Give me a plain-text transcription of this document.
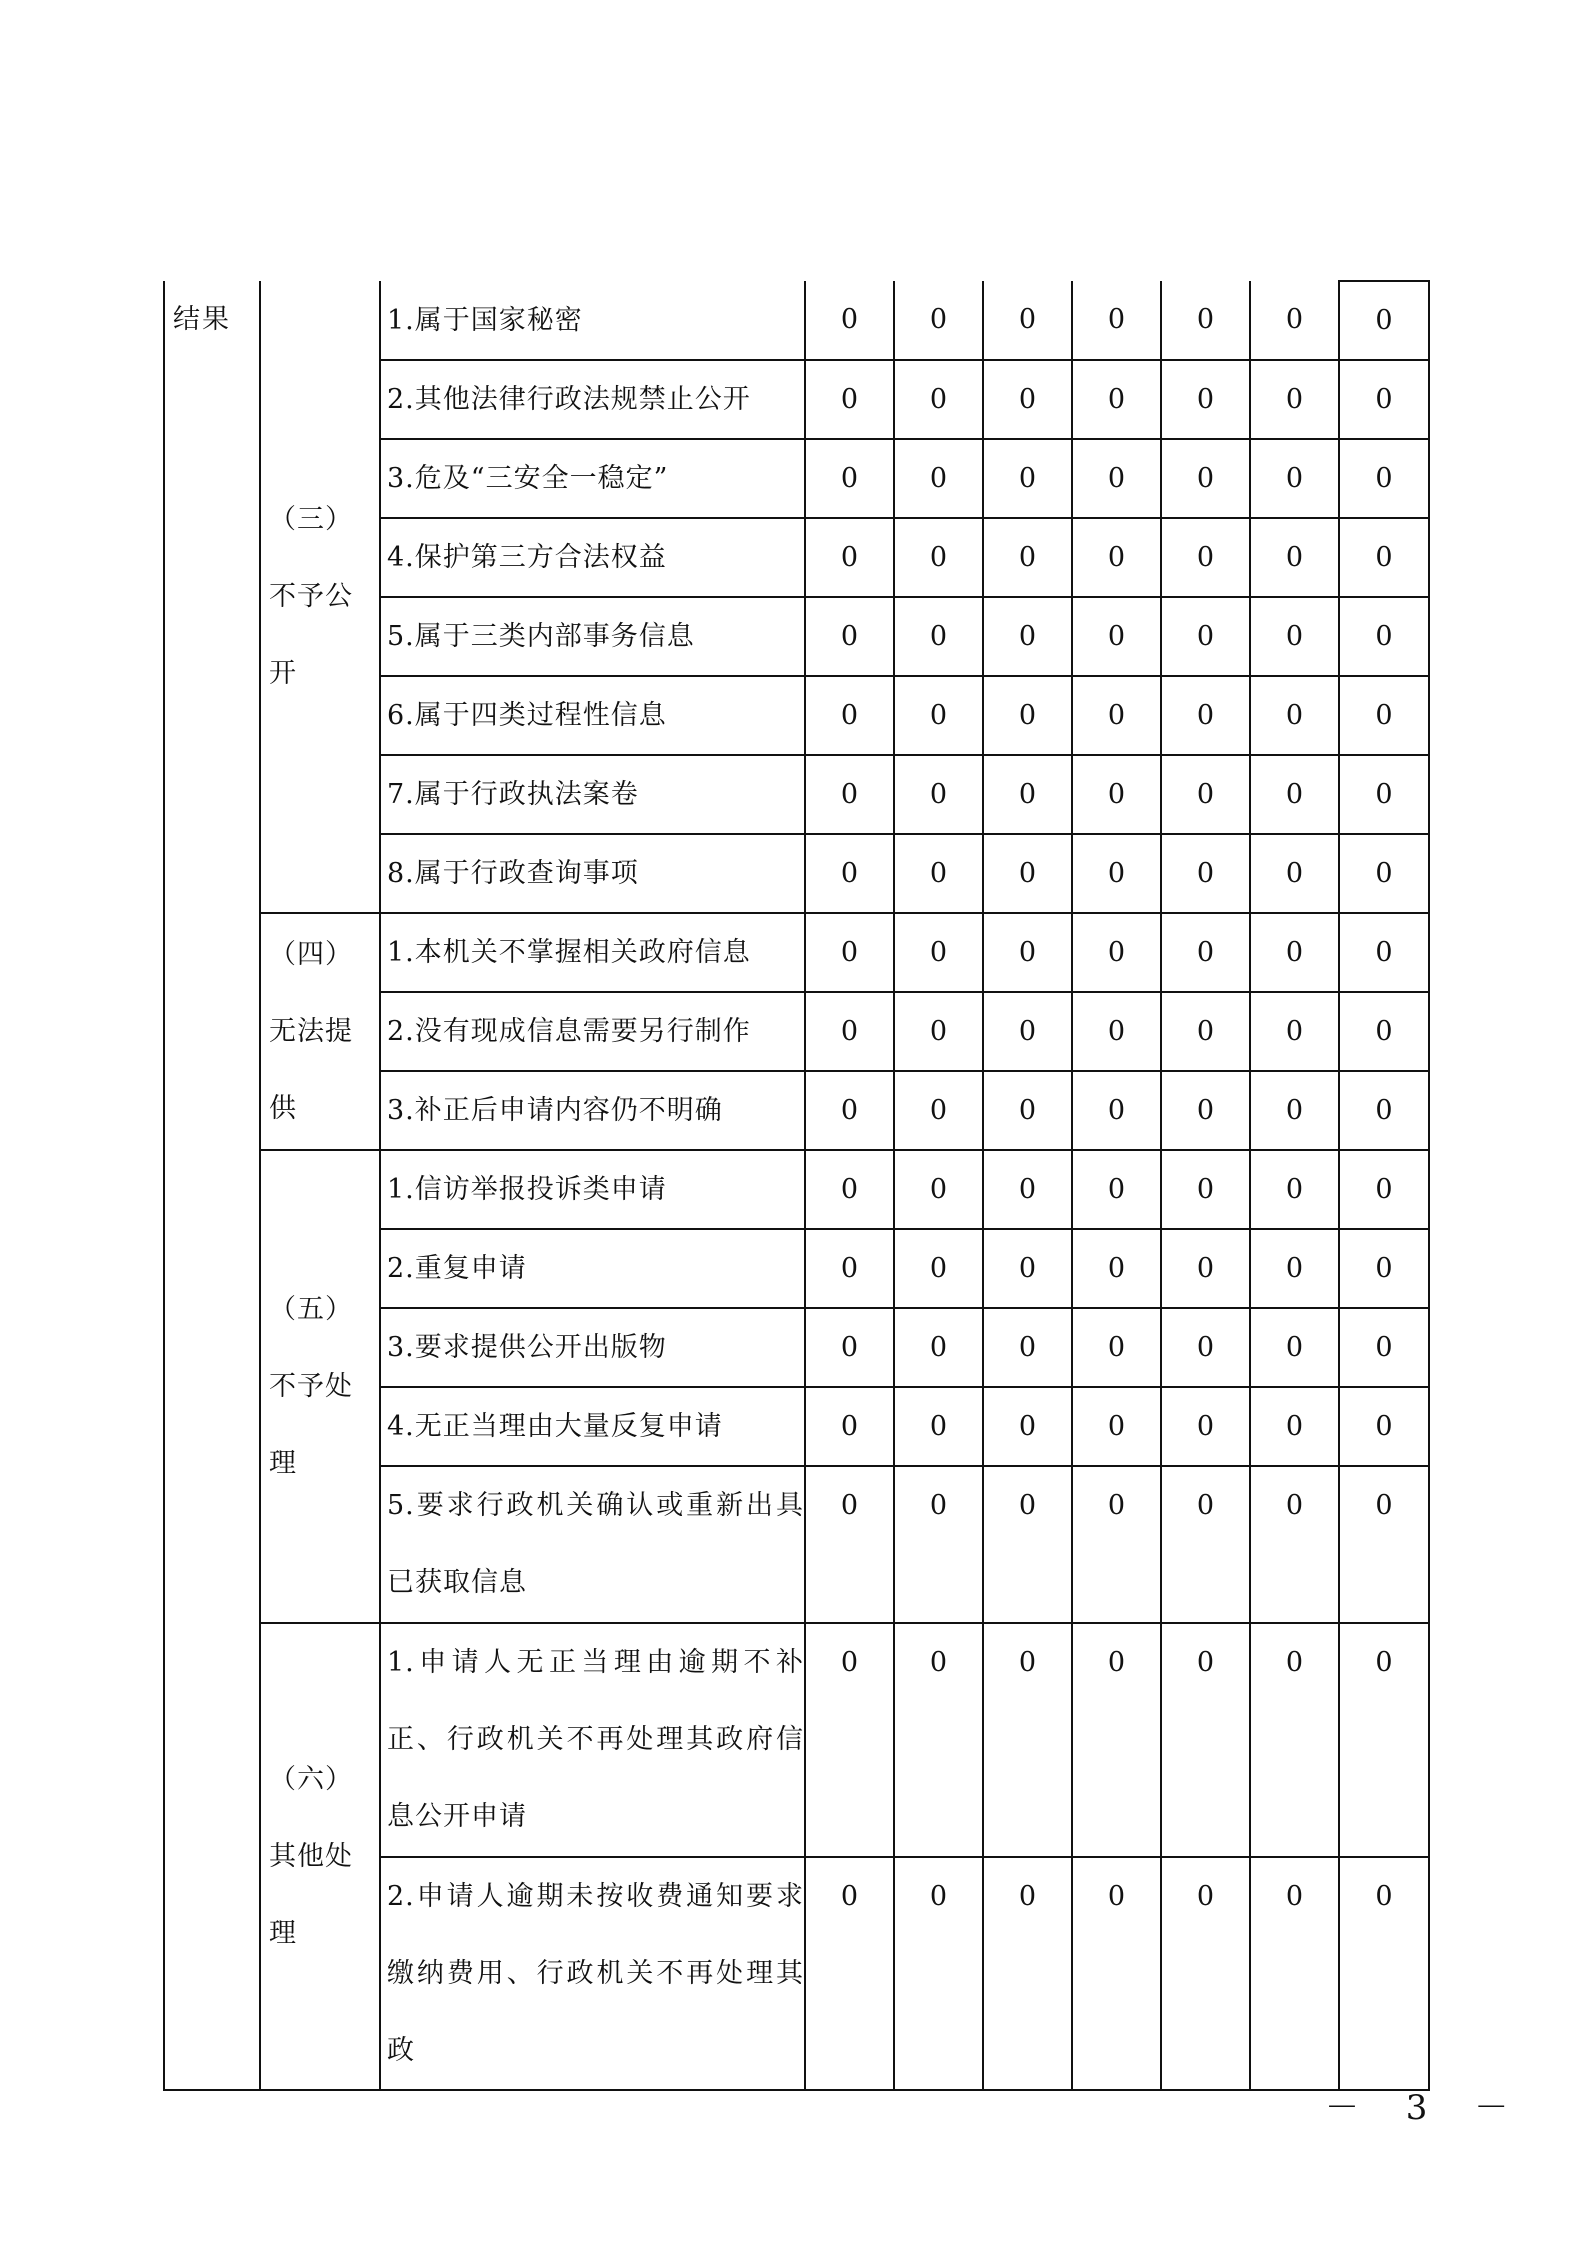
结果	（三）不予公开	1.属于国家秘密	0	0	0	0	0	0	0
		2.其他法律行政法规禁止公开	0	0	0	0	0	0	0
		3.危及“三安全一稳定”	0	0	0	0	0	0	0
		4.保护第三方合法权益	0	0	0	0	0	0	0
		5.属于三类内部事务信息	0	0	0	0	0	0	0
		6.属于四类过程性信息	0	0	0	0	0	0	0
		7.属于行政执法案卷	0	0	0	0	0	0	0
		8.属于行政查询事项	0	0	0	0	0	0	0
	（四）无法提供	1.本机关不掌握相关政府信息	0	0	0	0	0	0	0
		2.没有现成信息需要另行制作	0	0	0	0	0	0	0
		3.补正后申请内容仍不明确	0	0	0	0	0	0	0
	（五）不予处理	1.信访举报投诉类申请	0	0	0	0	0	0	0
		2.重复申请	0	0	0	0	0	0	0
		3.要求提供公开出版物	0	0	0	0	0	0	0
		4.无正当理由大量反复申请	0	0	0	0	0	0	0
		5.要求行政机关确认或重新出具已获取信息	0	0	0	0	0	0	0
	（六）其他处理	1.申请人无正当理由逾期不补正、行政机关不再处理其政府信息公开申请	0	0	0	0	0	0	0
		2.申请人逾期未按收费通知要求缴纳费用、行政机关不再处理其政	0	0	0	0	0	0	0
－ 3 －
